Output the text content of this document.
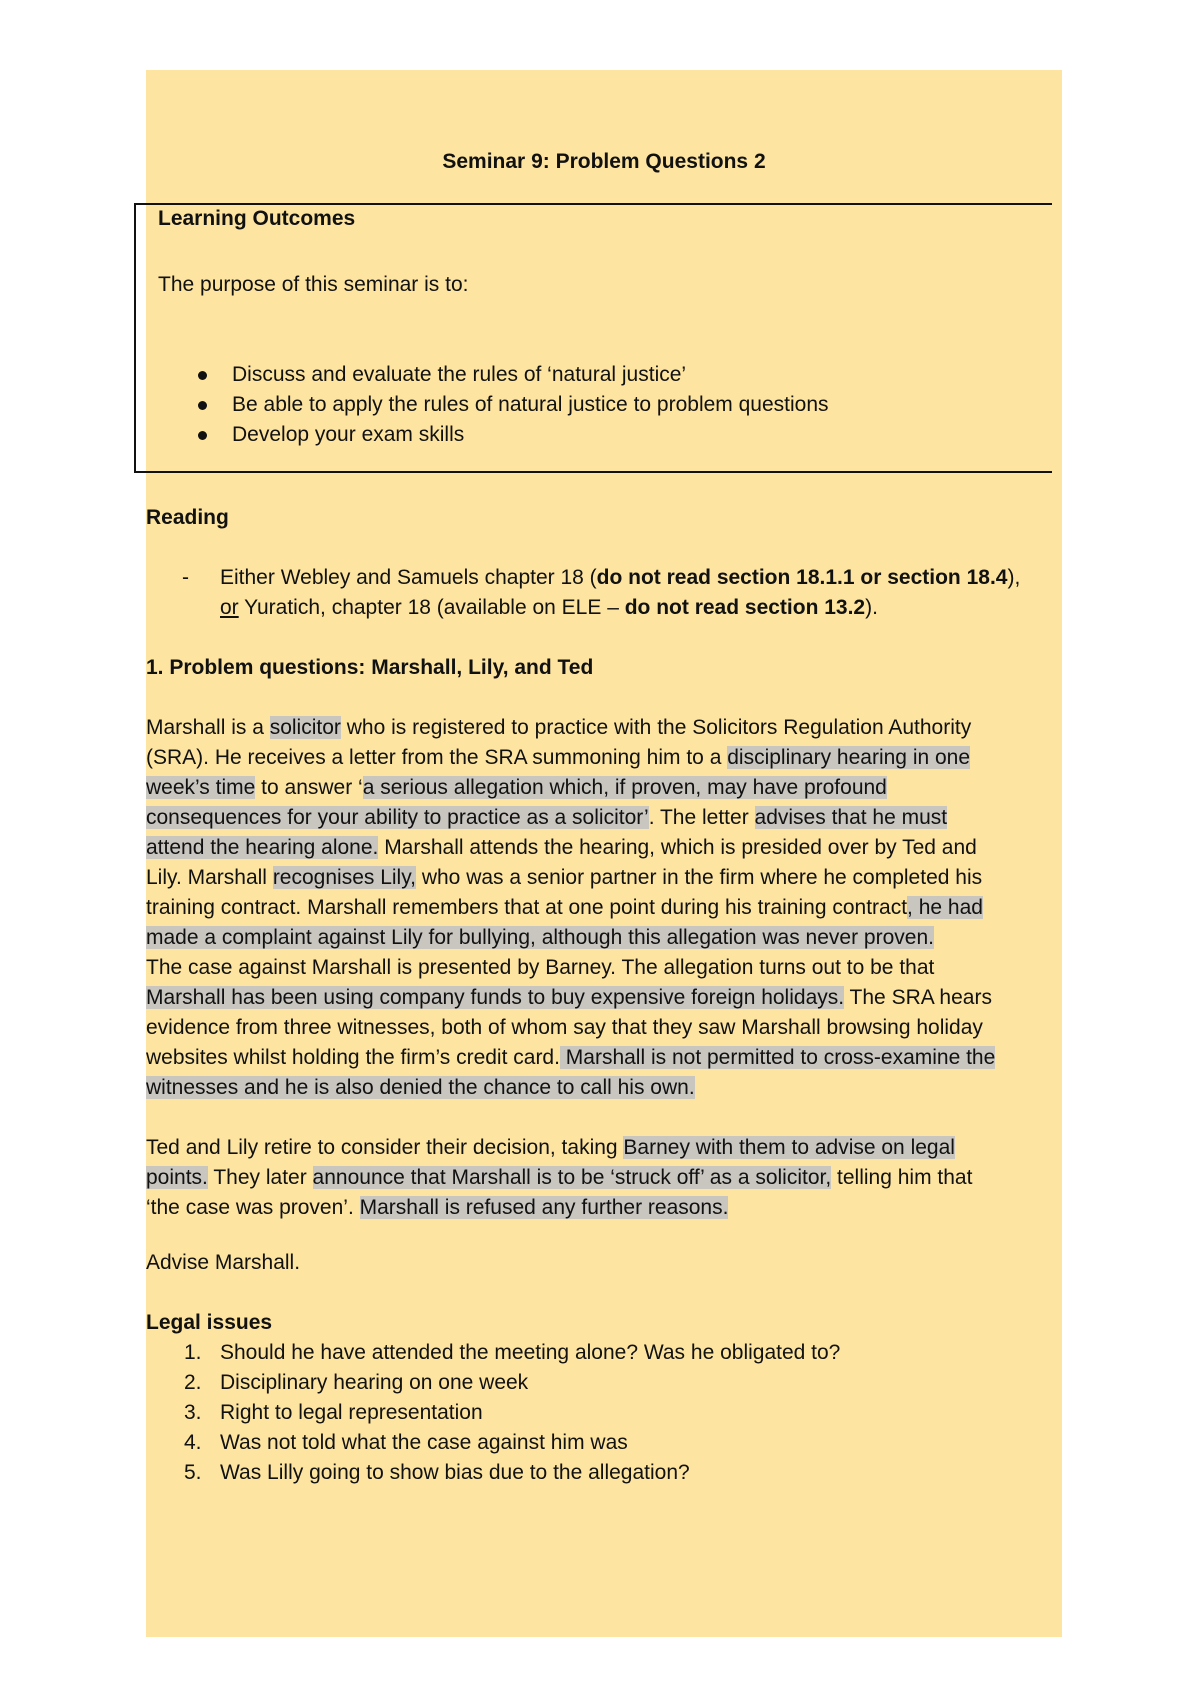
Seminar 9: Problem Questions 2
Learning Outcomes
The purpose of this seminar is to:
Discuss and evaluate the rules of ‘natural justice’
Be able to apply the rules of natural justice to problem questions
Develop your exam skills
Reading
- Either Webley and Samuels chapter 18 (do not read section 18.1.1 or section 18.4),
or Yuratich, chapter 18 (available on ELE – do not read section 13.2).
1. Problem questions: Marshall, Lily, and Ted
Marshall is a solicitor who is registered to practice with the Solicitors Regulation Authority
(SRA). He receives a letter from the SRA summoning him to a disciplinary hearing in one
week’s time to answer ‘a serious allegation which, if proven, may have profound
consequences for your ability to practice as a solicitor’. The letter advises that he must
attend the hearing alone. Marshall attends the hearing, which is presided over by Ted and
Lily. Marshall recognises Lily, who was a senior partner in the firm where he completed his
training contract. Marshall remembers that at one point during his training contract, he had
made a complaint against Lily for bullying, although this allegation was never proven.
The case against Marshall is presented by Barney. The allegation turns out to be that
Marshall has been using company funds to buy expensive foreign holidays. The SRA hears
evidence from three witnesses, both of whom say that they saw Marshall browsing holiday
websites whilst holding the firm’s credit card. Marshall is not permitted to cross-examine the
witnesses and he is also denied the chance to call his own.
Ted and Lily retire to consider their decision, taking Barney with them to advise on legal
points. They later announce that Marshall is to be ‘struck off’ as a solicitor, telling him that
‘the case was proven’. Marshall is refused any further reasons.
Advise Marshall.
Legal issues
1. Should he have attended the meeting alone? Was he obligated to?
2. Disciplinary hearing on one week
3. Right to legal representation
4. Was not told what the case against him was
5. Was Lilly going to show bias due to the allegation?
